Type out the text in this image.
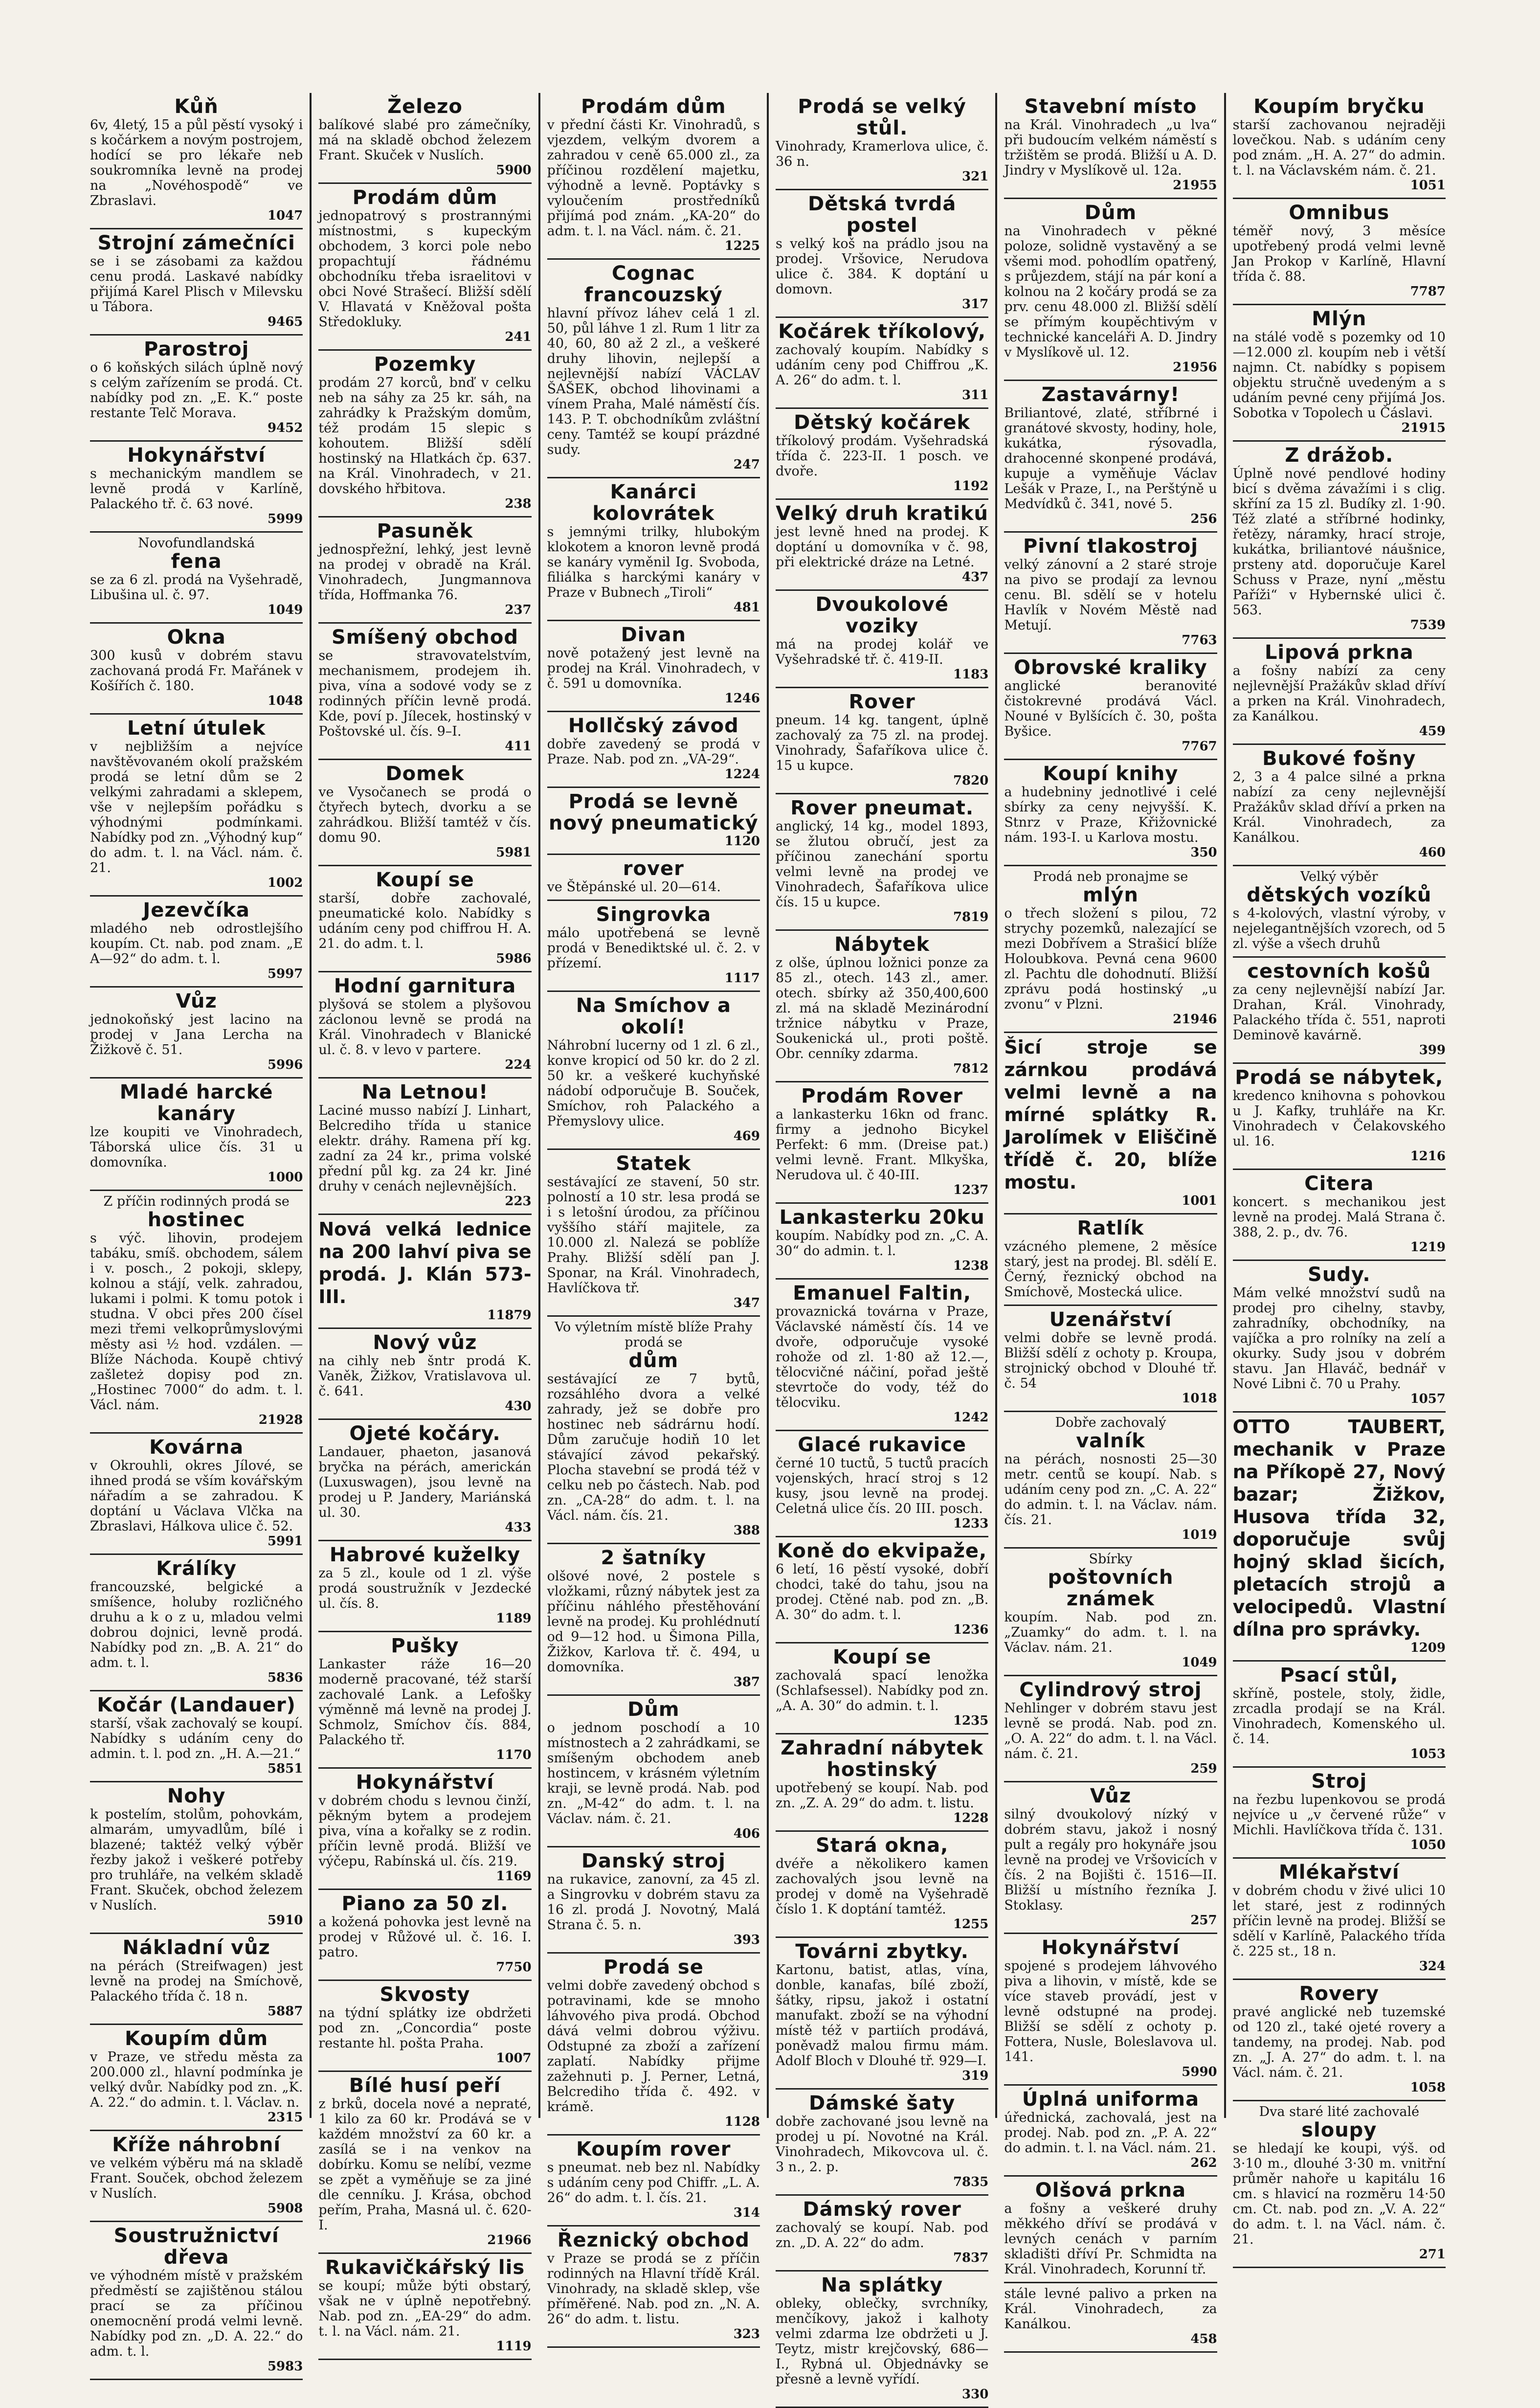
Kůň
6v, 4letý, 15 a půl pěstí vysoký i s kočárkem a novým postrojem, hodící se pro lékaře neb soukromníka levně na prodej na „Novéhospodě“ ve Zbraslavi.
1047
Strojní zámečníci
se i se zásobami za každou cenu prodá. Laskavé nabídky přijímá Karel Plisch v Milevsku u Tábora.
9465
Parostroj
o 6 koňských silách úplně nový s celým zařízením se prodá. Ct. nabídky pod zn. „E. K.“ poste restante Telč Morava.
9452
Hokynářství
s mechanickým mandlem se levně prodá v Karlíně, Palackého tř. č. 63 nové.
5999
Novofundlandská
fena
se za 6 zl. prodá na Vyšehradě, Libušina ul. č. 97.
1049
Okna
300 kusů v dobrém stavu zachovaná prodá Fr. Mařánek v Košířích č. 180.
1048
Letní útulek
v nejbližším a nejvíce navštěvovaném okolí pražském prodá se letní dům se 2 velkými zahradami a sklepem, vše v nejlepším pořádku s výhodnými podmínkami. Nabídky pod zn. „Výhodný kup“ do adm. t. l. na Václ. nám. č. 21.
1002
Jezevčíka
mladého neb odrostlejšího koupím. Ct. nab. pod znam. „E A—92“ do adm. t. l.
5997
Vůz
jednokoňský jest lacino na prodej v Jana Lercha na Žižkově č. 51.
5996
Mladé harcké kanáry
lze koupiti ve Vinohradech, Táborská ulice čís. 31 u domovníka.
1000
Z příčin rodinných prodá se
hostinec
s výč. lihovin, prodejem tabáku, smíš. obchodem, sálem i v. posch., 2 pokoji, sklepy, kolnou a stájí, velk. zahradou, lukami i polmi. K tomu potok i studna. V obci přes 200 čísel mezi třemi velkoprůmyslovými městy asi ½ hod. vzdálen. — Blíže Náchoda. Koupě chtivý zašleteż dopisy pod zn. „Hostinec 7000“ do adm. t. l. Václ. nám.
21928
Kovárna
v Okrouhli, okres Jílové, se ihned prodá se vším kovářským nářadím a se zahradou. K doptání u Václava Vlčka na Zbraslavi, Hálkova ulice č. 52.
5991
Králíky
francouzské, belgické a smíšence, holuby rozličného druhu a k o z u, mladou velmi dobrou dojnici, levně prodá. Nabídky pod zn. „B. A. 21“ do adm. t. l.
5836
Kočár (Landauer)
starší, však zachovalý se koupí. Nabídky s udáním ceny do admin. t. l. pod zn. „H. A.—21.“
5851
Nohy
k postelím, stolům, pohovkám, almarám, umyvadlům, bílé i blazené; taktéž velký výběr řezby jakož i veškeré potřeby pro truhláře, na velkém skladě Frant. Skuček, obchod železem v Nuslích.
5910
Nákladní vůz
na pérách (Streifwagen) jest levně na prodej na Smíchově, Palackého třída č. 18 n.
5887
Koupím dům
v Praze, ve středu města za 200.000 zl., hlavní podmínka je velký dvůr. Nabídky pod zn. „K. A. 22.“ do admin. t. l. Václav. n.
2315
Kříže náhrobní
ve velkém výběru má na skladě Frant. Souček, obchod železem v Nuslích.
5908
Soustružnictví dřeva
ve výhodném místě v pražském předměstí se zajištěnou stálou prací se za příčinou onemocnění prodá velmi levně. Nabídky pod zn. „D. A. 22.“ do adm. t. l.
5983
Železo
balíkové slabé pro zámečníky, má na skladě obchod železem Frant. Skuček v Nuslích.
5900
Prodám dům
jednopatrový s prostrannými místnostmi, s kupeckým obchodem, 3 korci pole nebo propachtují řádnému obchodníku třeba israelitovi v obci Nové Strašecí. Bližší sdělí V. Hlavatá v Kněžoval pošta Středokluky.
241
Pozemky
prodám 27 korců, bnď v celku neb na sáhy za 25 kr. sáh, na zahrádky k Pražským domům, též prodám 15 slepic s kohoutem. Bližší sdělí hostinský na Hlatkách čp. 637. na Král. Vinohradech, v 21. dovského hřbitova.
238
Pasuněk
jednospřežní, lehký, jest levně na prodej v obradě na Král. Vinohradech, Jungmannova třída, Hoffmanka 76.
237
Smíšený obchod
se stravovatelstvím, mechanismem, prodejem ih. piva, vína a sodové vody se z rodinných příčin levně prodá. Kde, poví p. Jílecek, hostinský v Poštovské ul. čís. 9–I.
411
Domek
ve Vysočanech se prodá o čtyřech bytech, dvorku a se zahrádkou. Bližší tamtéž v čís. domu 90.
5981
Koupí se
starší, dobře zachovalé, pneumatické kolo. Nabídky s udáním ceny pod chiffrou H. A. 21. do adm. t. l.
5986
Hodní garnitura
plyšová se stolem a plyšovou záclonou levně se prodá na Král. Vinohradech v Blanické ul. č. 8. v levo v partere.
224
Na Letnou!
Laciné musso nabízí J. Linhart, Belcrediho třída u stanice elektr. dráhy. Ramena pří kg. zadní za 24 kr., prima volské přední půl kg. za 24 kr. Jiné druhy v cenách nejlevnějších.
223
Nová velká lednice na 200 lahví piva se prodá. J. Klán 573-III.
11879
Nový vůz
na cihly neb šntr prodá K. Vaněk, Žižkov, Vratislavova ul. č. 641.
430
Ojeté kočáry.
Landauer, phaeton, jasanová bryčka na pérách, americkán (Luxuswagen), jsou levně na prodej u P. Jandery, Mariánská ul. 30.
433
Habrové kuželky
za 5 zl., koule od 1 zl. výše prodá soustružník v Jezdecké ul. čís. 8.
1189
Pušky
Lankaster ráže 16—20 moderně pracované, též starší zachovalé Lank. a Lefošky výměnně má levně na prodej J. Schmolz, Smíchov čís. 884, Palackého tř.
1170
Hokynářství
v dobrém chodu s levnou činží, pěkným bytem a prodejem piva, vína a kořalky se z rodin. příčin levně prodá. Bližší ve výčepu, Rabínská ul. čís. 219.
1169
Piano za 50 zl.
a kožená pohovka jest levně na prodej v Růžové ul. č. 16. I. patro.
7750
Skvosty
na týdní splátky ize obdržeti pod zn. „Concordia“ poste restante hl. pošta Praha.
1007
Bílé husí peří
z brků, docela nové a nepraté, 1 kilo za 60 kr. Prodává se v každém množství za 60 kr. a zasílá se i na venkov na dobírku. Komu se nelíbí, vezme se zpět a vyměňuje se za jiné dle cenníku. J. Krása, obchod peřím, Praha, Masná ul. č. 620-I.
21966
Rukavičkářský lis
se koupí; může býti obstarý, však ne v úplně nepotřebný. Nab. pod zn. „EA-29“ do adm. t. l. na Václ. nám. 21.
1119
Prodám dům
v přední části Kr. Vinohradů, s vjezdem, velkým dvorem a zahradou v ceně 65.000 zl., za příčinou rozdělení majetku, výhodně a levně. Poptávky s vyloučením prostředníků přijímá pod znám. „KA-20“ do adm. t. l. na Václ. nám. č. 21.
1225
Cognac francouzský
hlavní přívoz láhev celá 1 zl. 50, půl láhve 1 zl. Rum 1 litr za 40, 60, 80 až 2 zl., a veškeré druhy lihovin, nejlepší a nejlevnější nabízí VÁCLAV ŠAŠEK, obchod lihovinami a vínem Praha, Malé náměstí čís. 143. P. T. obchodníkům zvláštní ceny. Tamtéž se koupí prázdné sudy.
247
Kanárci kolovrátek
s jemnými trilky, hlubokým klokotem a knoron levně prodá se kanáry vyměnil Ig. Svoboda, filiálka s harckými kanáry v Praze v Bubnech „Tiroli“
481
Divan
nově potažený jest levně na prodej na Král. Vinohradech, v č. 591 u domovníka.
1246
Hollčský závod
dobře zavedený se prodá v Praze. Nab. pod zn. „VA-29“.
1224
Prodá se levně nový pneumatický
1120
rover
ve Štěpánské ul. 20—614.
Singrovka
málo upotřebená se levně prodá v Benediktské ul. č. 2. v přízemí.
1117
Na Smíchov a okolí!
Náhrobní lucerny od 1 zl. 6 zl., konve kropicí od 50 kr. do 2 zl. 50 kr. a veškeré kuchyňské nádobí odporučuje B. Souček, Smíchov, roh Palackého a Přemyslovy ulice.
469
Statek
sestávající ze stavení, 50 str. polností a 10 str. lesa prodá se i s letošní úrodou, za příčinou vyššího stáří majitele, za 10.000 zl. Nalezá se poblíže Prahy. Bližší sdělí pan J. Sponar, na Král. Vinohradech, Havlíčkova tř.
347
Vo výletním místě blíže Prahy prodá se
dům
sestávající ze 7 bytů, rozsáhlého dvora a velké zahrady, jež se dobře pro hostinec neb sádrárnu hodí. Dům zaručuje hodiň 10 let stávající závod pekařský. Plocha stavební se prodá též v celku neb po částech. Nab. pod zn. „CA-28“ do adm. t. l. na Václ. nám. čís. 21.
388
2 šatníky
olšové nové, 2 postele s vložkami, různý nábytek jest za příčinu náhlého přestěhování levně na prodej. Ku prohlédnutí od 9—12 hod. u Šimona Pilla, Žižkov, Karlova tř. č. 494, u domovníka.
387
Dům
o jednom poschodí a 10 místnostech a 2 zahrádkami, se smíšeným obchodem aneb hostincem, v krásném výletním kraji, se levně prodá. Nab. pod zn. „M-42“ do adm. t. l. na Václav. nám. č. 21.
406
Danský stroj
na rukavice, zanovní, za 45 zl. a Singrovku v dobrém stavu za 16 zl. prodá J. Novotný, Malá Strana č. 5. n.
393
Prodá se
velmi dobře zavedený obchod s potravinami, kde se mnoho láhvového piva prodá. Obchod dává velmi dobrou výživu. Odstupné za zboží a zařízení zaplatí. Nabídky přijme zažehnuti p. J. Perner, Letná, Belcrediho třída č. 492. v krámě.
1128
Koupím rover
s pneumat. neb bez nl. Nabídky s udáním ceny pod Chiffr. „L. A. 26“ do adm. t. l. čís. 21.
314
Řeznický obchod
v Praze se prodá se z příčin rodinných na Hlavní třídě Král. Vinohrady, na skladě sklep, vše příměřené. Nab. pod zn. „N. A. 26“ do adm. t. listu.
323
Prodá se velký stůl.
Vinohrady, Kramerlova ulice, č. 36 n.
321
Dětská tvrdá postel
s velký koš na prádlo jsou na prodej. Vršovice, Nerudova ulice č. 384. K doptání u domovn.
317
Kočárek tříkolový,
zachovalý koupím. Nabídky s udáním ceny pod Chiffrou „K. A. 26“ do adm. t. l.
311
Dětský kočárek
tříkolový prodám. Vyšehradská třída č. 223-II. 1 posch. ve dvoře.
1192
Velký druh kratikú
jest levně hned na prodej. K doptání u domovníka v č. 98, při elektrické dráze na Letné.
437
Dvoukolové voziky
má na prodej kolář ve Vyšehradské tř. č. 419-II.
1183
Rover
pneum. 14 kg. tangent, úplně zachovalý za 75 zl. na prodej. Vinohrady, Šafaříkova ulice č. 15 u kupce.
7820
Rover pneumat.
anglický, 14 kg., model 1893, se žlutou obručí, jest za příčinou zanechání sportu velmi levně na prodej ve Vinohradech, Šafaříkova ulice čís. 15 u kupce.
7819
Nábytek
z olše, úplnou ložnici ponze za 85 zl., otech. 143 zl., amer. otech. sbírky až 350,400,600 zl. má na skladě Mezinárodní tržnice nábytku v Praze, Soukenická ul., proti poště. Obr. cenníky zdarma.
7812
Prodám Rover
a lankasterku 16kn od franc. firmy a jednoho Bicykel Perfekt: 6 mm. (Dreise pat.) velmi levně. Frant. Mlkyška, Nerudova ul. č 40-III.
1237
Lankasterku 20ku
koupím. Nabídky pod zn. „C. A. 30“ do admin. t. l.
1238
Emanuel Faltin,
provaznická továrna v Praze, Václavské náměstí čís. 14 ve dvoře, odporučuje vysoké rohože od zl. 1·80 až 12.—, tělocvičné náčiní, pořad ještě stevrtoče do vody, též do tělocviku.
1242
Glacé rukavice
černé 10 tuctů, 5 tuctů pracích vojenských, hrací stroj s 12 kusy, jsou levně na prodej. Celetná ulice čís. 20 III. posch.
1233
Koně do ekvipaže,
6 letí, 16 pěstí vysoké, dobří chodci, také do tahu, jsou na prodej. Ctěné nab. pod zn. „B. A. 30“ do adm. t. l.
1236
Koupí se
zachovalá spací lenožka (Schlafsessel). Nabídky pod zn. „A. A. 30“ do admin. t. l.
1235
Zahradní nábytek hostinský
upotřebený se koupí. Nab. pod zn. „Z. A. 29“ do adm. t. listu.
1228
Stará okna,
dvéře a několikero kamen zachovalých jsou levně na prodej v domě na Vyšehradě číslo 1. K doptání tamtéž.
1255
Továrni zbytky.
Kartonu, batist, atlas, vína, donble, kanafas, bílé zboží, šátky, ripsu, jakož i ostatní manufakt. zboží se na výhodní místě též v partiích prodává, poněvadž malou firmu mám. Adolf Bloch v Dlouhé tř. 929—I.
319
Dámské šaty
dobře zachované jsou levně na prodej u pí. Novotné na Král. Vinohradech, Mikovcova ul. č. 3 n., 2. p.
7835
Dámský rover
zachovalý se koupí. Nab. pod zn. „D. A. 22“ do adm.
7837
Na splátky
obleky, oblečky, svrchníky, menčíkovy, jakož i kalhoty velmi zdarma lze obdržeti u J. Teytz, mistr krejčovský, 686—I., Rybná ul. Objednávky se přesně a levně vyřídí.
330
Stavební místo
na Král. Vinohradech „u lva“ při budoucím velkém náměstí s tržištěm se prodá. Bližší u A. D. Jindry v Myslíkově ul. 12a.
21955
Dům
na Vinohradech v pěkné poloze, solidně vystavěný a se všemi mod. pohodlím opatřený, s průjezdem, stájí na pár koní a kolnou na 2 kočáry prodá se za prv. cenu 48.000 zl. Bližší sdělí se přímým koupěchtivým v technické kanceláři A. D. Jindry v Myslíkově ul. 12.
21956
Zastavárny!
Briliantové, zlaté, stříbrné i granátové skvosty, hodiny, hole, kukátka, rýsovadla, drahocenné skonpené prodává, kupuje a vyměňuje Václav Lešák v Praze, I., na Perštýně u Medvídků č. 341, nové 5.
256
Pivní tlakostroj
velký zánovní a 2 staré stroje na pivo se prodají za levnou cenu. Bl. sdělí se v hotelu Havlík v Novém Městě nad Metují.
7763
Obrovské kraliky
anglické beranovité čistokrevné prodává Václ. Nouné v Bylšících č. 30, pošta Byšice.
7767
Koupí knihy
a hudebniny jednotlivé i celé sbírky za ceny nejvyšší. K. Stnrz v Praze, Křižovnické nám. 193-I. u Karlova mostu.
350
Prodá neb pronajme se
mlýn
o třech složení s pilou, 72 strychy pozemků, nalezající se mezi Dobřívem a Strašicí blíže Holoubkova. Pevná cena 9600 zl. Pachtu dle dohodnutí. Bližší zprávu podá hostinský „u zvonu“ v Plzni.
21946
Šicí stroje se zárnkou prodává velmi levně a na mírné splátky R. Jarolímek v Eliščině třídě č. 20, blíže mostu.
1001
Ratlík
vzácného plemene, 2 měsíce starý, jest na prodej. Bl. sdělí E. Černý, řeznický obchod na Smíchově, Mostecká ulice.
Uzenářství
velmi dobře se levně prodá. Bližší sdělí z ochoty p. Kroupa, strojnický obchod v Dlouhé tř. č. 54
1018
Dobře zachovalý
valník
na pérách, nosnosti 25—30 metr. centů se koupí. Nab. s udáním ceny pod zn. „C. A. 22“ do admin. t. l. na Václav. nám. čís. 21.
1019
Sbírky
poštovních známek
koupím. Nab. pod zn. „Zuamky“ do adm. t. l. na Václav. nám. 21.
1049
Cylindrový stroj
Nehlinger v dobrém stavu jest levně se prodá. Nab. pod zn. „O. A. 22“ do adm. t. l. na Václ. nám. č. 21.
259
Vůz
silný dvoukolový nízký v dobrém stavu, jakož i nosný pult a regály pro hokynáře jsou levně na prodej ve Vršovicích v čís. 2 na Bojišti č. 1516—II. Bližší u místního řezníka J. Stoklasy.
257
Hokynářství
spojené s prodejem láhvového piva a lihovin, v místě, kde se více staveb provádí, jest v levně odstupné na prodej. Bližší se sdělí z ochoty p. Fottera, Nusle, Boleslavova ul. 141.
5990
Úplná uniforma
úřednická, zachovalá, jest na prodej. Nab. pod zn. „P. A. 22“ do admin. t. l. na Václ. nám. 21.
262
Olšová prkna
a fošny a veškeré druhy měkkého dříví se prodává v levných cenách v parním skladišti dříví Pr. Schmidta na Král. Vinohradech, Korunní tř.
stále levné palivo a prken na Král. Vinohradech, za Kanálkou.
458
Koupím bryčku
starší zachovanou nejraději lovečkou. Nab. s udáním ceny pod znám. „H. A. 27“ do admin. t. l. na Václavském nám. č. 21.
1051
Omnibus
téměř nový, 3 měsíce upotřebený prodá velmi levně Jan Prokop v Karlíně, Hlavní třída č. 88.
7787
Mlýn
na stálé vodě s pozemky od 10—12.000 zl. koupím neb i větší najmn. Ct. nabídky s popisem objektu stručně uvedeným a s udáním pevné ceny přijímá Jos. Sobotka v Topolech u Čáslavi.
21915
Z drážob.
Úplně nové pendlové hodiny bicí s dvěma závažími i s clig. skříní za 15 zl. Budíky zl. 1·90. Též zlaté a stříbrné hodinky, řetězy, náramky, hrací stroje, kukátka, briliantové náušnice, prsteny atd. doporučuje Karel Schuss v Praze, nyní „městu Paříži“ v Hybernské ulici č. 563.
7539
Lipová prkna
a fošny nabízí za ceny nejlevnější Pražákův sklad dříví a prken na Král. Vinohradech, za Kanálkou.
459
Bukové fošny
2, 3 a 4 palce silné a prkna nabízí za ceny nejlevnější Pražákův sklad dříví a prken na Král. Vinohradech, za Kanálkou.
460
Velký výběr
dětských vozíků
s 4-kolových, vlastní výroby, v nejelegantnějších vzorech, od 5 zl. výše a všech druhů
cestovních košů
za ceny nejlevnější nabízí Jar. Drahan, Král. Vinohrady, Palackého třída č. 551, naproti Deminově kavárně.
399
Prodá se nábytek,
kredenco knihovna s pohovkou u J. Kafky, truhláře na Kr. Vinohradech v Čelakovského ul. 16.
1216
Citera
koncert. s mechanikou jest levně na prodej. Malá Strana č. 388, 2. p., dv. 76.
1219
Sudy.
Mám velké množství sudů na prodej pro cihelny, stavby, zahradníky, obchodníky, na vajíčka a pro rolníky na zelí a okurky. Sudy jsou v dobrém stavu. Jan Hlaváč, bednář v Nové Libni č. 70 u Prahy.
1057
OTTO TAUBERT, mechanik v Praze na Příkopě 27, Nový bazar; Žižkov, Husova třída 32, doporučuje svůj hojný sklad šicích, pletacích strojů a velocipedů. Vlastní dílna pro správky.
1209
Psací stůl,
skříně, postele, stoly, židle, zrcadla prodají se na Král. Vinohradech, Komenského ul. č. 14.
1053
Stroj
na řezbu lupenkovou se prodá nejvíce u „v červené růže“ v Michli. Havlíčkova třída č. 131.
1050
Mlékařství
v dobrém chodu v živé ulici 10 let staré, jest z rodinných příčin levně na prodej. Bližší se sdělí v Karlíně, Palackého třída č. 225 st., 18 n.
324
Rovery
pravé anglické neb tuzemské od 120 zl., také ojeté rovery a tandemy, na prodej. Nab. pod zn. „J. A. 27“ do adm. t. l. na Václ. nám. č. 21.
1058
Dva staré lité zachovalé
sloupy
se hledají ke koupi, výš. od 3·10 m., dlouhé 3·30 m. vnitřní průměr nahoře u kapitálu 16 cm. s hlavicí na rozměru 14·50 cm. Ct. nab. pod zn. „V. A. 22“ do adm. t. l. na Václ. nám. č. 21.
271
